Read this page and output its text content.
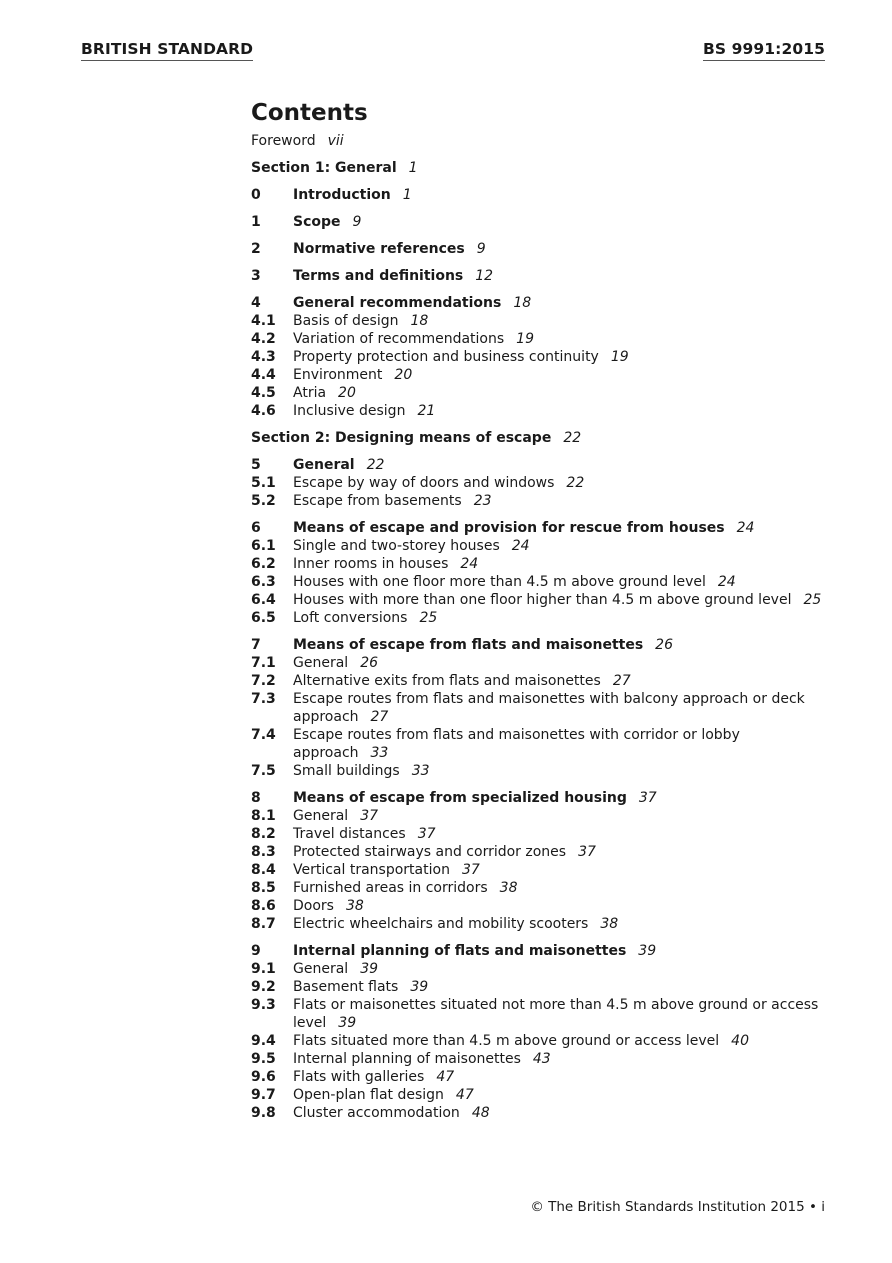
BRITISH STANDARD	BS 9991:2015
Contents
Foreword vii
Section 1: General 1
0 Introduction 1
1 Scope 9
2 Normative references 9
3 Terms and definitions 12
4 General recommendations 18
4.1 Basis of design 18
4.2 Variation of recommendations 19
4.3 Property protection and business continuity 19
4.4 Environment 20
4.5 Atria 20
4.6 Inclusive design 21
Section 2: Designing means of escape 22
5 General 22
5.1 Escape by way of doors and windows 22
5.2 Escape from basements 23
6 Means of escape and provision for rescue from houses 24
6.1 Single and two-storey houses 24
6.2 Inner rooms in houses 24
6.3 Houses with one floor more than 4.5 m above ground level 24
6.4 Houses with more than one floor higher than 4.5 m above ground level 25
6.5 Loft conversions 25
7 Means of escape from flats and maisonettes 26
7.1 General 26
7.2 Alternative exits from flats and maisonettes 27
7.3 Escape routes from flats and maisonettes with balcony approach or deck approach 27
7.4 Escape routes from flats and maisonettes with corridor or lobby approach 33
7.5 Small buildings 33
8 Means of escape from specialized housing 37
8.1 General 37
8.2 Travel distances 37
8.3 Protected stairways and corridor zones 37
8.4 Vertical transportation 37
8.5 Furnished areas in corridors 38
8.6 Doors 38
8.7 Electric wheelchairs and mobility scooters 38
9 Internal planning of flats and maisonettes 39
9.1 General 39
9.2 Basement flats 39
9.3 Flats or maisonettes situated not more than 4.5 m above ground or access level 39
9.4 Flats situated more than 4.5 m above ground or access level 40
9.5 Internal planning of maisonettes 43
9.6 Flats with galleries 47
9.7 Open-plan flat design 47
9.8 Cluster accommodation 48
© The British Standards Institution 2015 • i
